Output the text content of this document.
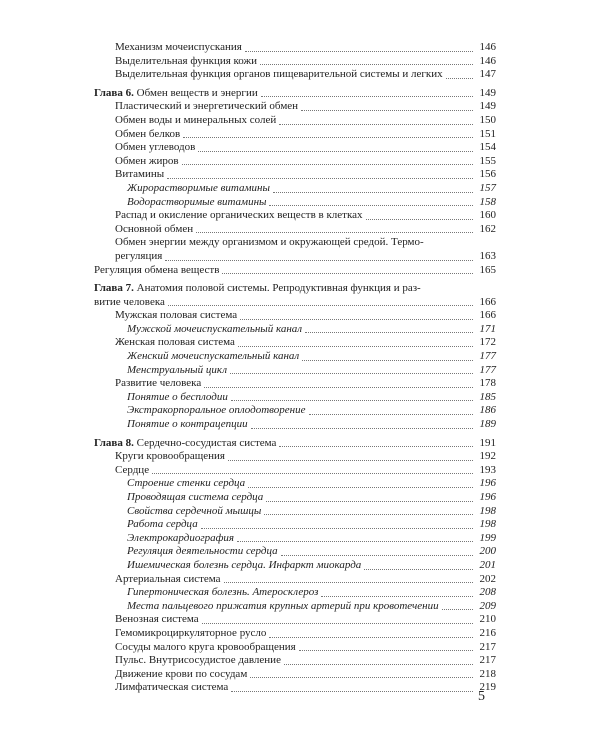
Механизм мочеиспускания	146
Выделительная функция кожи	146
Выделительная функция органов пищеварительной системы и легких	147
Глава 6. Обмен веществ и энергии	149
Пластический и энергетический обмен	149
Обмен воды и минеральных солей	150
Обмен белков	151
Обмен углеводов	154
Обмен жиров	155
Витамины	156
Жирорастворимые витамины	157
Водорастворимые витамины	158
Распад и окисление органических веществ в клетках	160
Основной обмен	162
Обмен энергии между организмом и окружающей средой. Термо-
регуляция	163
Регуляция обмена веществ	165
Глава 7. Анатомия половой системы. Репродуктивная функция и раз-
витие человека	166
Мужская половая система	166
Мужской мочеиспускательный канал	171
Женская половая система	172
Женский мочеиспускательный канал	177
Менструальный цикл	177
Развитие человека	178
Понятие о бесплодии	185
Экстракорпоральное оплодотворение	186
Понятие о контрацепции	189
Глава 8. Сердечно-сосудистая система	191
Круги кровообращения	192
Сердце	193
Строение стенки сердца	196
Проводящая система сердца	196
Свойства сердечной мышцы	198
Работа сердца	198
Электрокардиография	199
Регуляция деятельности сердца	200
Ишемическая болезнь сердца. Инфаркт миокарда	201
Артериальная система	202
Гипертоническая болезнь. Атеросклероз	208
Места пальцевого прижатия крупных артерий при кровотечении	209
Венозная система	210
Гемомикроциркуляторное русло	216
Сосуды малого круга кровообращения	217
Пульс. Внутрисосудистое давление	217
Движение крови по сосудам	218
Лимфатическая система	219
5
